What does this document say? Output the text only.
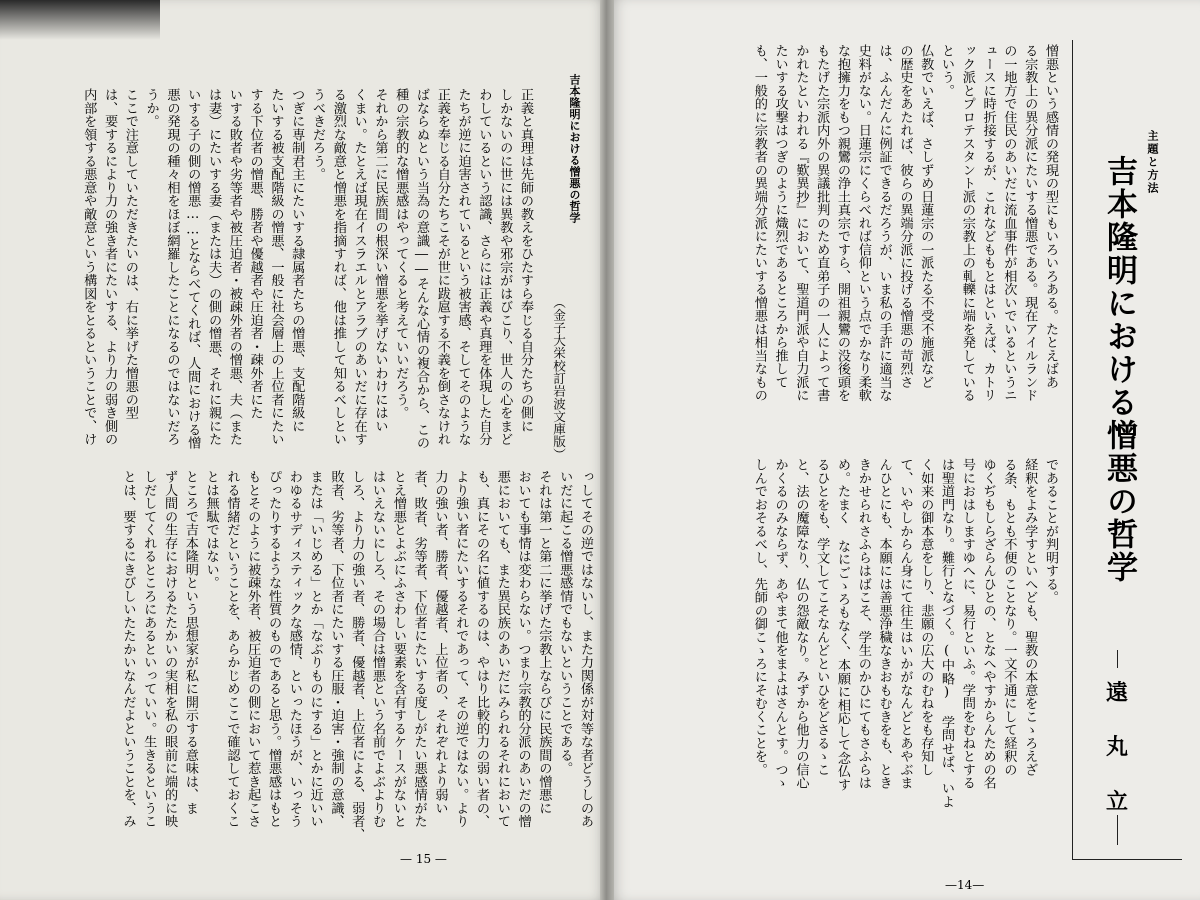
主題と方法
吉本隆明における憎悪の哲学
遠
丸
立
憎悪という感情の発現の型にもいろいろある。たとえばあ
る宗教上の異分派にたいする憎悪である。現在アイルランド
の一地方で住民のあいだに流血事件が相次いでいるというニ
ュースに時折接するが、これなどももとはといえば、カトリ
ック派とプロテスタント派の宗教上の軋轢に端を発している
という。
仏教でいえば、さしずめ日蓮宗の一派たる不受不施派など
の歴史をあたれば、彼らの異端分派に投げる憎悪の苛烈さ
は、ふんだんに例証できるだろうが、いま私の手許に適当な
史料がない。日蓮宗にくらべれば信仰という点でかなり柔軟
な抱擁力をもつ親鸞の浄土真宗ですら、開祖親鸞の没後頭を
もたげた宗派内外の異議批判のため直弟子の一人によって書
かれたといわれる『歎異抄』において、聖道門派や自力派に
たいする攻撃はつぎのように熾烈であるところから推して
も、一般的に宗教者の異端分派にたいする憎悪は相当なもの
であることが判明する。
経釈をよみ学すといへども、聖教の本意をこゝろえざ
る条、もとも不便のことなり。一文不通にして経釈の
ゆくぢもしらざらんひとの、となへやすからんための名
号におはしますゆへに、易行といふ。学問をむねとする
は聖道門なり。難行となづく。(中略) 学問せば、いよ
く如来の御本意をしり、悲願の広大のむねをも存知し
て、いやしからん身にて往生はいかがなんどとあやぶま
んひとにも、本願には善悪浄穢なきおもむきをも、とき
きかせられさふらはばこそ、学生のかひにてもさふらは
め。たまく なにごゝろもなく、本願に相応して念仏す
るひとをも、学文してこそなんどといひをどさるゝこ
と、法の魔障なり、仏の怨敵なり。みずから他力の信心
かくるのみならず、あやまて他をまよはさんとす。つゝ
しんでおそるべし、先師の御こゝろにそむくことを。
—14—
吉本隆明における憎悪の哲学
正義と真理は先師の教えをひたすら奉じる自分たちの側に
しかないのに世には異教や邪宗がはびこり、世人の心をまど
わしているという認識、さらには正義や真理を体現した自分
たちが逆に迫害されているという被害感、そしてそのような
正義を奉じる自分たちこそが世に跋扈する不義を倒さなけれ
ばならぬという当為の意識――そんな心情の複合から、この
種の宗教的な憎悪感はやってくると考えていいだろう。
それから第二に民族間の根深い憎悪を挙げないわけにはい
くまい。たとえば現在イスラエルとアラブのあいだに存在す
る激烈な敵意と憎悪を指摘すれば、他は推して知るべしとい
うべきだろう。
つぎに専制君主にたいする隷属者たちの憎悪、支配階級に
たいする被支配階級の憎悪、一般に社会層上の上位者にたい
する下位者の憎悪、勝者や優越者や圧迫者・疎外者にた
いする敗者や劣等者や被圧迫者・被疎外者の憎悪、夫（また
は妻）にたいする妻（または夫）の側の憎悪、それに親にた
いする子の側の憎悪……とならべてくれば、人間における憎
悪の発現の種々相をほぼ網羅したことになるのではないだろ
うか。
ここで注意していただきたいのは、右に挙げた憎悪の型
は、要するにより力の強き者にたいする、より力の弱き側の
内部を領する悪意や敵意という構図をとるということで、け	（金子大栄校訂岩波文庫版）
っしてその逆ではないし、また力関係が対等な者どうしのあ
いだに起こる憎悪感情でもないということである。
それは第一と第二に挙げた宗教上ならびに民族間の憎悪に
おいても事情は変わらない。つまり宗教的分派のあいだの憎
悪においても、また異民族のあいだにみられるそれにおいて
も、真にその名に値するのは、やはり比較的力の弱い者の、
より強い者にたいするそれであって、その逆ではない。より
力の強い者、勝者、優越者、上位者の、それぞれより弱い
者、敗者、劣等者、下位者にたいする度しがたい悪感情がた
とえ憎悪とよぶにふさわしい要素を含有するケースがないと
はいえないにしろ、その場合は憎悪という名前でよぶよりむ
しろ、より力の強い者、勝者、優越者、上位者による、弱者、
敗者、劣等者、下位者にたいする圧服・迫害・強制の意識、
または「いじめる」とか「なぶりものにする」とかに近いい
わゆるサディスティックな感情、といったほうが、いっそう
ぴったりするような性質のものであると思う。憎悪感はもと
もとそのように被疎外者、被圧迫者の側において惹き起こさ
れる情緒だということを、あらかじめここで確認しておくこ
とは無駄ではない。
ところで吉本隆明という思想家が私に開示する意味は、ま
ず人間の生存におけるたたかいの実相を私の眼前に端的に映
しだしてくれるところにあるといっていい。生きるというこ
とは、要するにきびしいたたかいなんだよということを、み
— 15 —
